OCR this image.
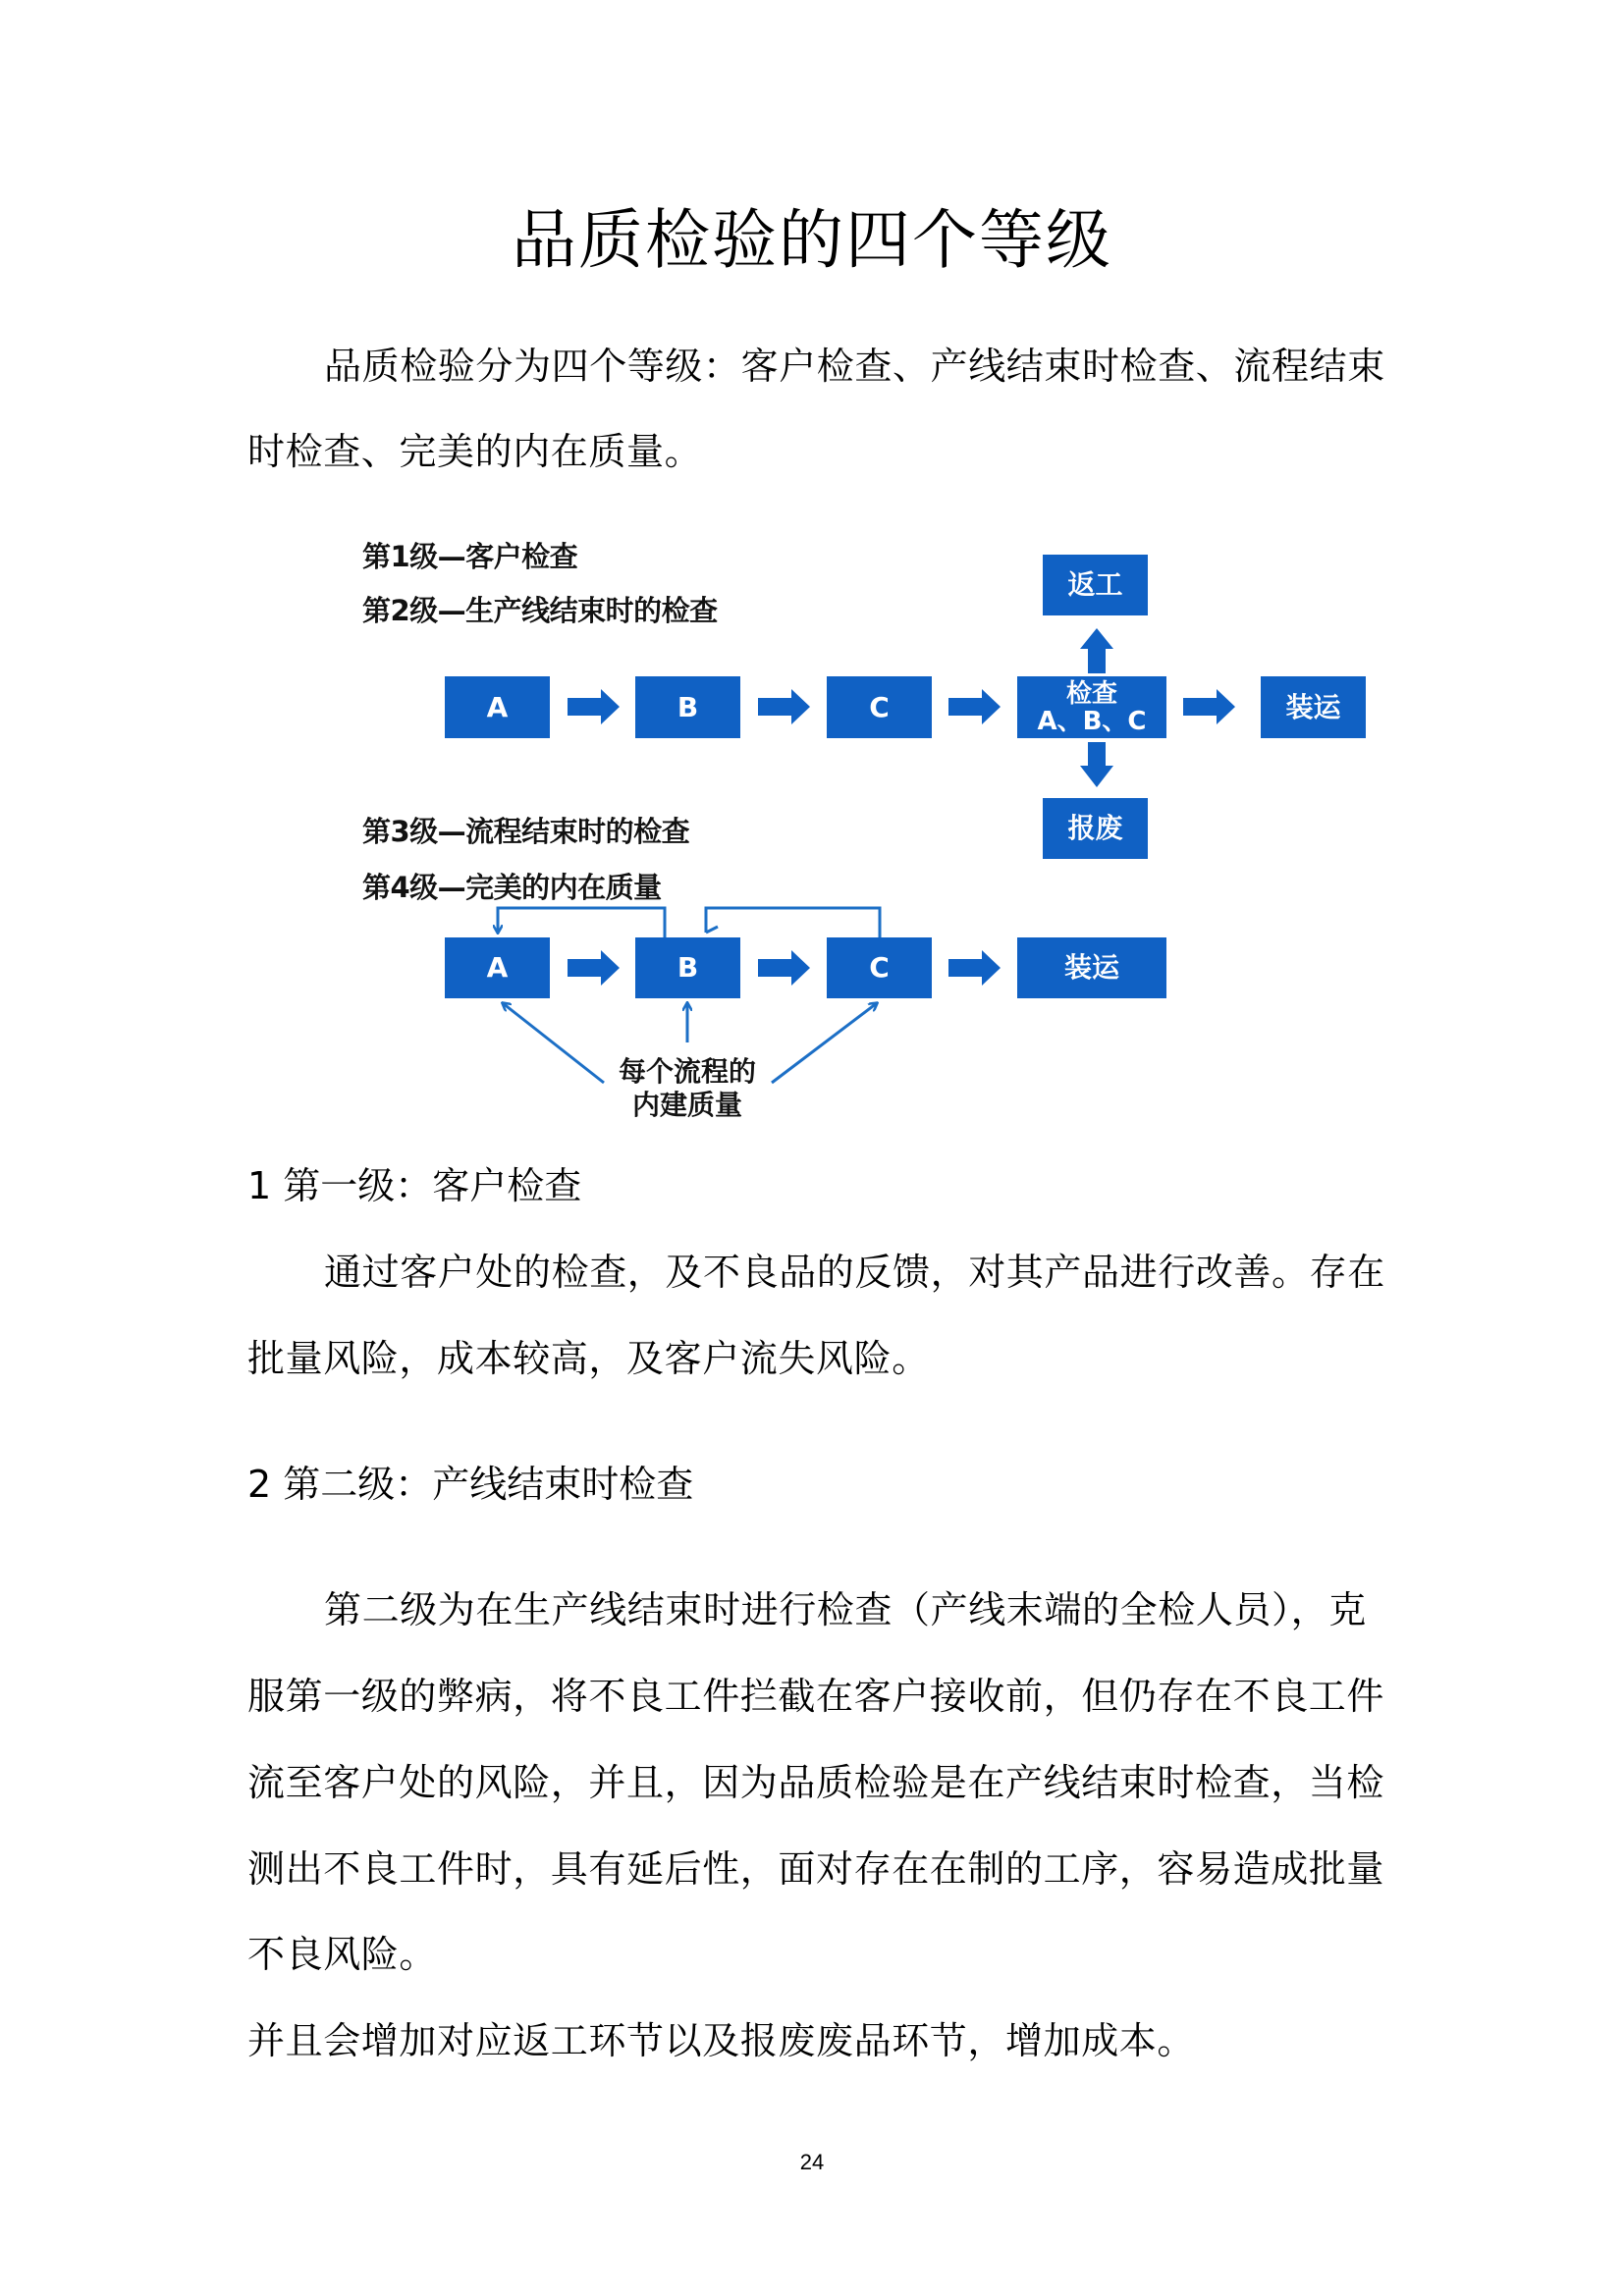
品质检验的四个等级
品质检验分为四个等级：客户检查、产线结束时检查、流程结束
时检查、完美的内在质量。
第1级—客户检查
第2级—生产线结束时的检查
A	B	C	检查
A、B、C	装运
返工
报废
第3级—流程结束时的检查
第4级—完美的内在质量
A	B	C	装运
每个流程的
内建质量
1 第一级：客户检查
通过客户处的检查，及不良品的反馈，对其产品进行改善。存在
批量风险，成本较高，及客户流失风险。
2 第二级：产线结束时检查
第二级为在生产线结束时进行检查（产线末端的全检人员），克
服第一级的弊病，将不良工件拦截在客户接收前，但仍存在不良工件
流至客户处的风险，并且，因为品质检验是在产线结束时检查，当检
测出不良工件时，具有延后性，面对存在在制的工序，容易造成批量
不良风险。
并且会增加对应返工环节以及报废废品环节，增加成本。
24
